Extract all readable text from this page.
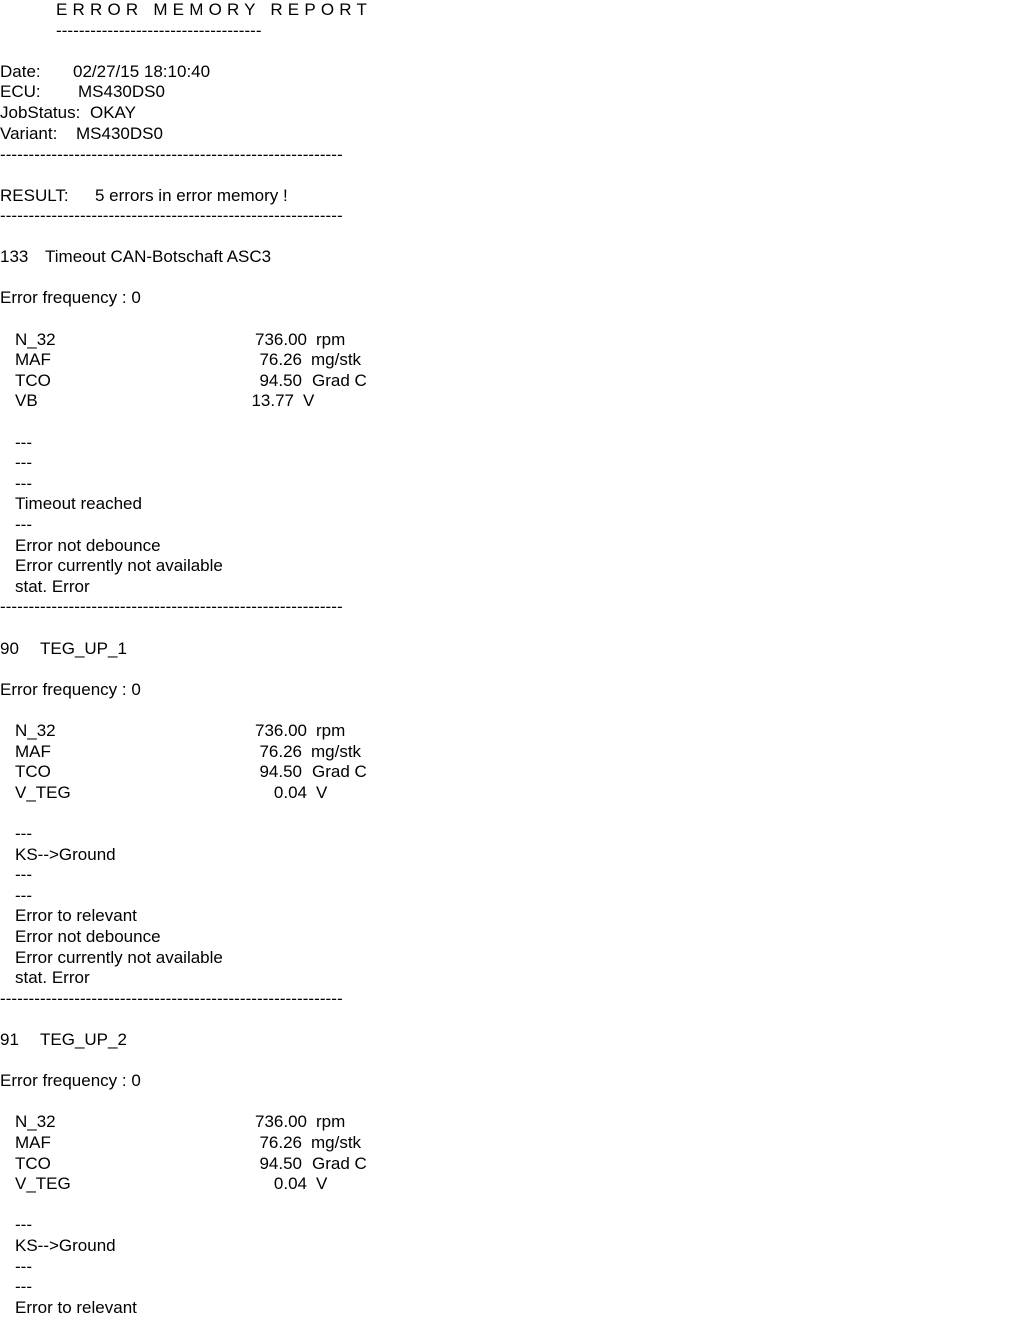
ERROR MEMORY REPORT
------------------------------------
Date: 02/27/15 18:10:40
ECU: MS430DS0
JobStatus: OKAY
Variant: MS430DS0
------------------------------------------------------------
RESULT: 5 errors in error memory !
------------------------------------------------------------
133 Timeout CAN-Botschaft ASC3
Error frequency : 0
N_32	736.00 rpm
MAF	76.26 mg/stk
TCO	94.50 Grad C
VB	13.77 V
---
---
---
Timeout reached
---
Error not debounce
Error currently not available
stat. Error
------------------------------------------------------------
90 TEG_UP_1
Error frequency : 0
N_32	736.00 rpm
MAF	76.26 mg/stk
TCO	94.50 Grad C
V_TEG	0.04 V
---
KS-->Ground
---
---
Error to relevant
Error not debounce
Error currently not available
stat. Error
------------------------------------------------------------
91 TEG_UP_2
Error frequency : 0
N_32	736.00 rpm
MAF	76.26 mg/stk
TCO	94.50 Grad C
V_TEG	0.04 V
---
KS-->Ground
---
---
Error to relevant
